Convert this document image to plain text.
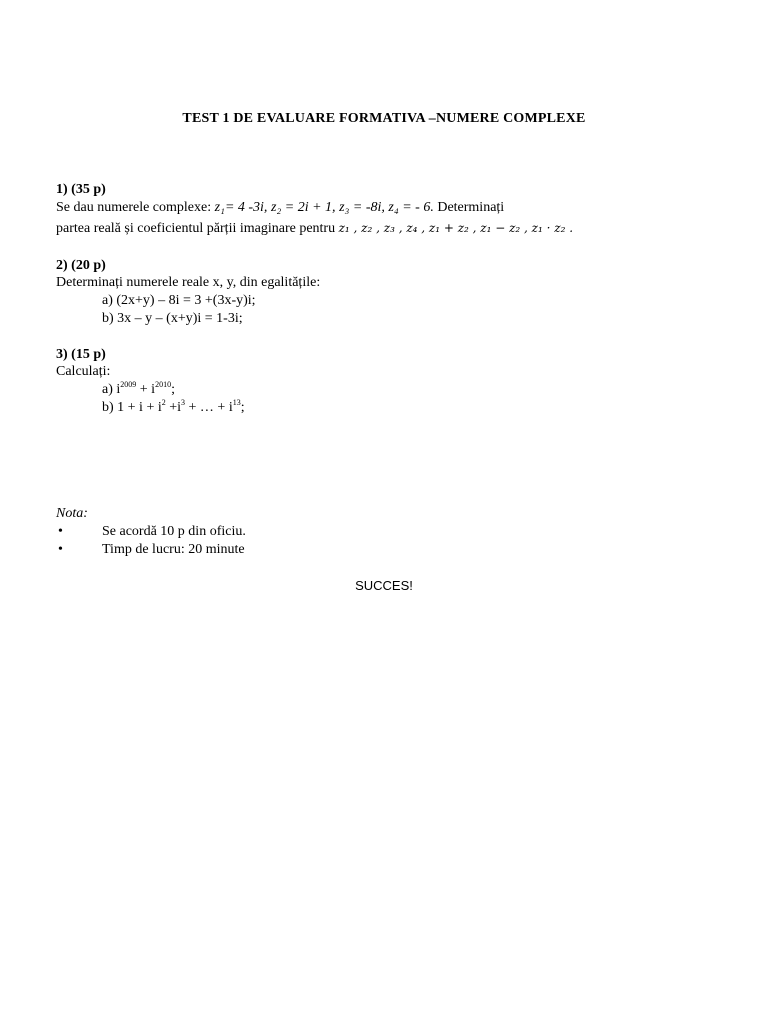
TEST 1 DE EVALUARE FORMATIVA –NUMERE COMPLEXE
1) (35 p)
Se dau numerele complexe: z₁= 4 -3i, z₂ = 2i + 1, z₃ = -8i, z₄ = - 6. Determinați
partea reală și coeficientul părții imaginare pentru z₁ , z₂ , z₃ , z₄ , z₁ + z₂ , z₁ − z₂ , z₁ · z₂ .
2) (20 p)
Determinați numerele reale x, y, din egalitățile:
a) (2x+y) – 8i = 3 +(3x-y)i;
b) 3x – y – (x+y)i = 1-3i;
3) (15 p)
Calculați:
a) $i^{2009} + i^{2010}$;
b) $1 + i + i^2 +i^3$ + … + $i^{13}$;
Nota:
•	Se acordă 10 p din oficiu.
•	Timp de lucru: 20 minute
SUCCES!
